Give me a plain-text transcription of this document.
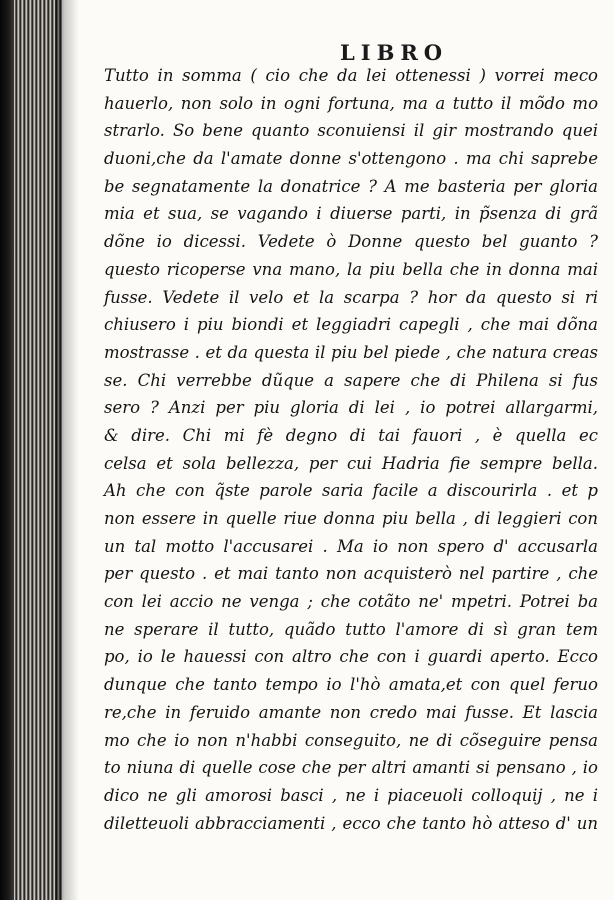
LIBRO
Tutto in somma ( cio che da lei ottenessi ) vorrei meco
hauerlo, non solo in ogni fortuna, ma a tutto il mõdo mo
strarlo. So bene quanto sconuiensi il gir mostrando quei
duoni,che da l'amate donne s'ottengono . ma chi saprebe
be segnatamente la donatrice ? A me basteria per gloria
mia et sua, se vagando i diuerse parti, in p̃senza di grã
dõne io dicessi. Vedete ò Donne questo bel guanto ?
questo ricoperse vna mano, la piu bella che in donna mai
fusse. Vedete il velo et la scarpa ? hor da questo si ri
chiusero i piu biondi et leggiadri capegli , che mai dõna
mostrasse . et da questa il piu bel piede , che natura creas
se. Chi verrebbe dũque a sapere che di Philena si fus
sero ? Anzi per piu gloria di lei , io potrei allargarmi,
& dire. Chi mi fè degno di tai fauori , è quella ec
celsa et sola bellezza, per cui Hadria fie sempre bella.
Ah che con q̃ste parole saria facile a discourirla . et p
non essere in quelle riue donna piu bella , di leggieri con
un tal motto l'accusarei . Ma io non spero d' accusarla
per questo . et mai tanto non acquisterò nel partire , che
con lei accio ne venga ; che cotãto ne' mpetri. Potrei ba
ne sperare il tutto, quãdo tutto l'amore di sì gran tem
po, io le hauessi con altro che con i guardi aperto. Ecco
dunque che tanto tempo io l'hò amata,et con quel feruo
re,che in feruido amante non credo mai fusse. Et lascia
mo che io non n'habbi conseguito, ne di cõseguire pensa
to niuna di quelle cose che per altri amanti si pensano , io
dico ne gli amorosi basci , ne i piaceuoli colloquij , ne i
dilettеuoli abbracciamenti , ecco che tanto hò atteso d' un
